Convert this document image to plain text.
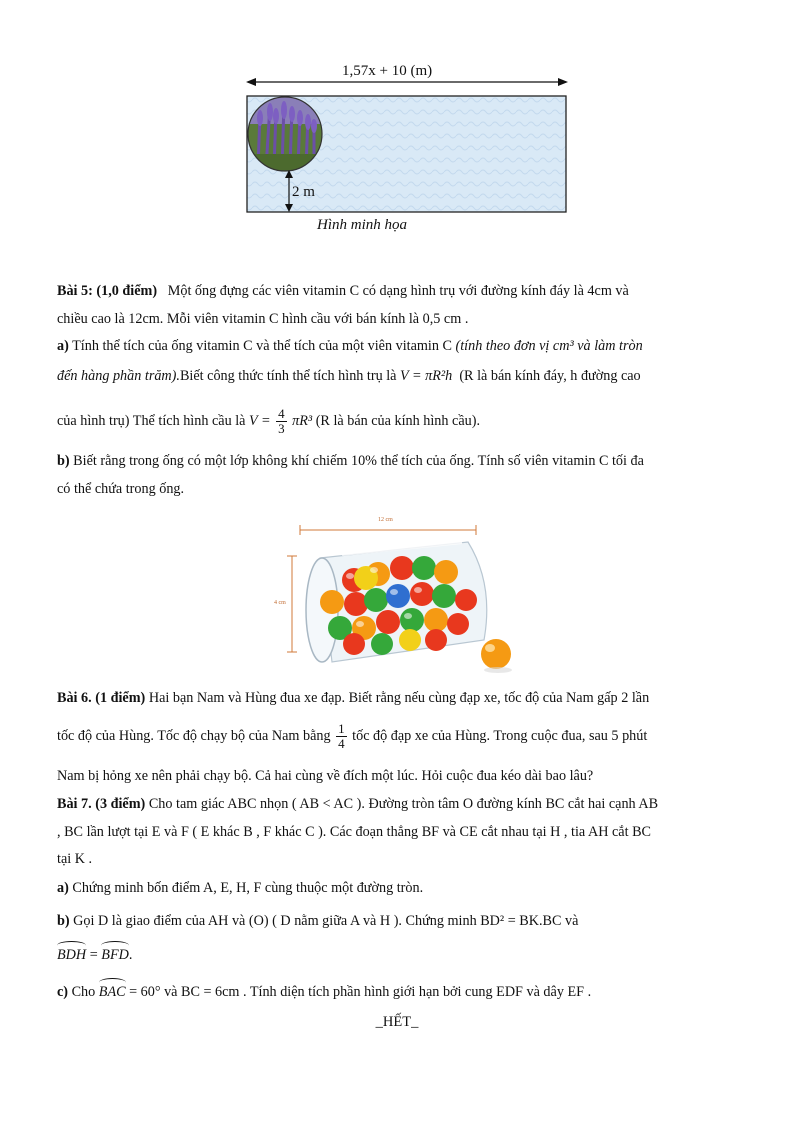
1,57x + 10 (m)
2 m
Hình minh họa
Bài 5: (1,0 điểm) Một ống đựng các viên vitamin C có dạng hình trụ với đường kính đáy là 4cm và
chiều cao là 12cm. Mỗi viên vitamin C hình cầu với bán kính là 0,5 cm .
a) Tính thể tích của ống vitamin C và thể tích của một viên vitamin C (tính theo đơn vị cm³ và làm tròn
đến hàng phần trăm).Biết công thức tính thể tích hình trụ là V = πR²h (R là bán kính đáy, h đường cao
của hình trụ) Thể tích hình cầu là $V = \frac{4}{3} \pi R^3$ (R là bán của kính hình cầu).
b) Biết rằng trong ống có một lớp không khí chiếm 10% thể tích của ống. Tính số viên vitamin C tối đa
có thể chứa trong ống.
12 cm
4 cm
Bài 6. (1 điểm) Hai bạn Nam và Hùng đua xe đạp. Biết rằng nếu cùng đạp xe, tốc độ của Nam gấp 2 lần
tốc độ của Hùng. Tốc độ chạy bộ của Nam bằng $\frac{1}{4}$ tốc độ đạp xe của Hùng. Trong cuộc đua, sau 5 phút
Nam bị hỏng xe nên phải chạy bộ. Cả hai cùng về đích một lúc. Hỏi cuộc đua kéo dài bao lâu?
Bài 7. (3 điểm) Cho tam giác ABC nhọn ( AB < AC ). Đường tròn tâm O đường kính BC cắt hai cạnh AB
, BC lần lượt tại E và F ( E khác B , F khác C ). Các đoạn thẳng BF và CE cắt nhau tại H , tia AH cắt BC
tại K .
a) Chứng minh bốn điểm A, E, H, F cùng thuộc một đường tròn.
b) Gọi D là giao điểm của AH và (O) ( D nằm giữa A và H ). Chứng minh BD² = BK.BC và
BDH = BFD.
c) Cho BAC = 60° và BC = 6cm . Tính diện tích phần hình giới hạn bởi cung EDF và dây EF .
_HẾT_
